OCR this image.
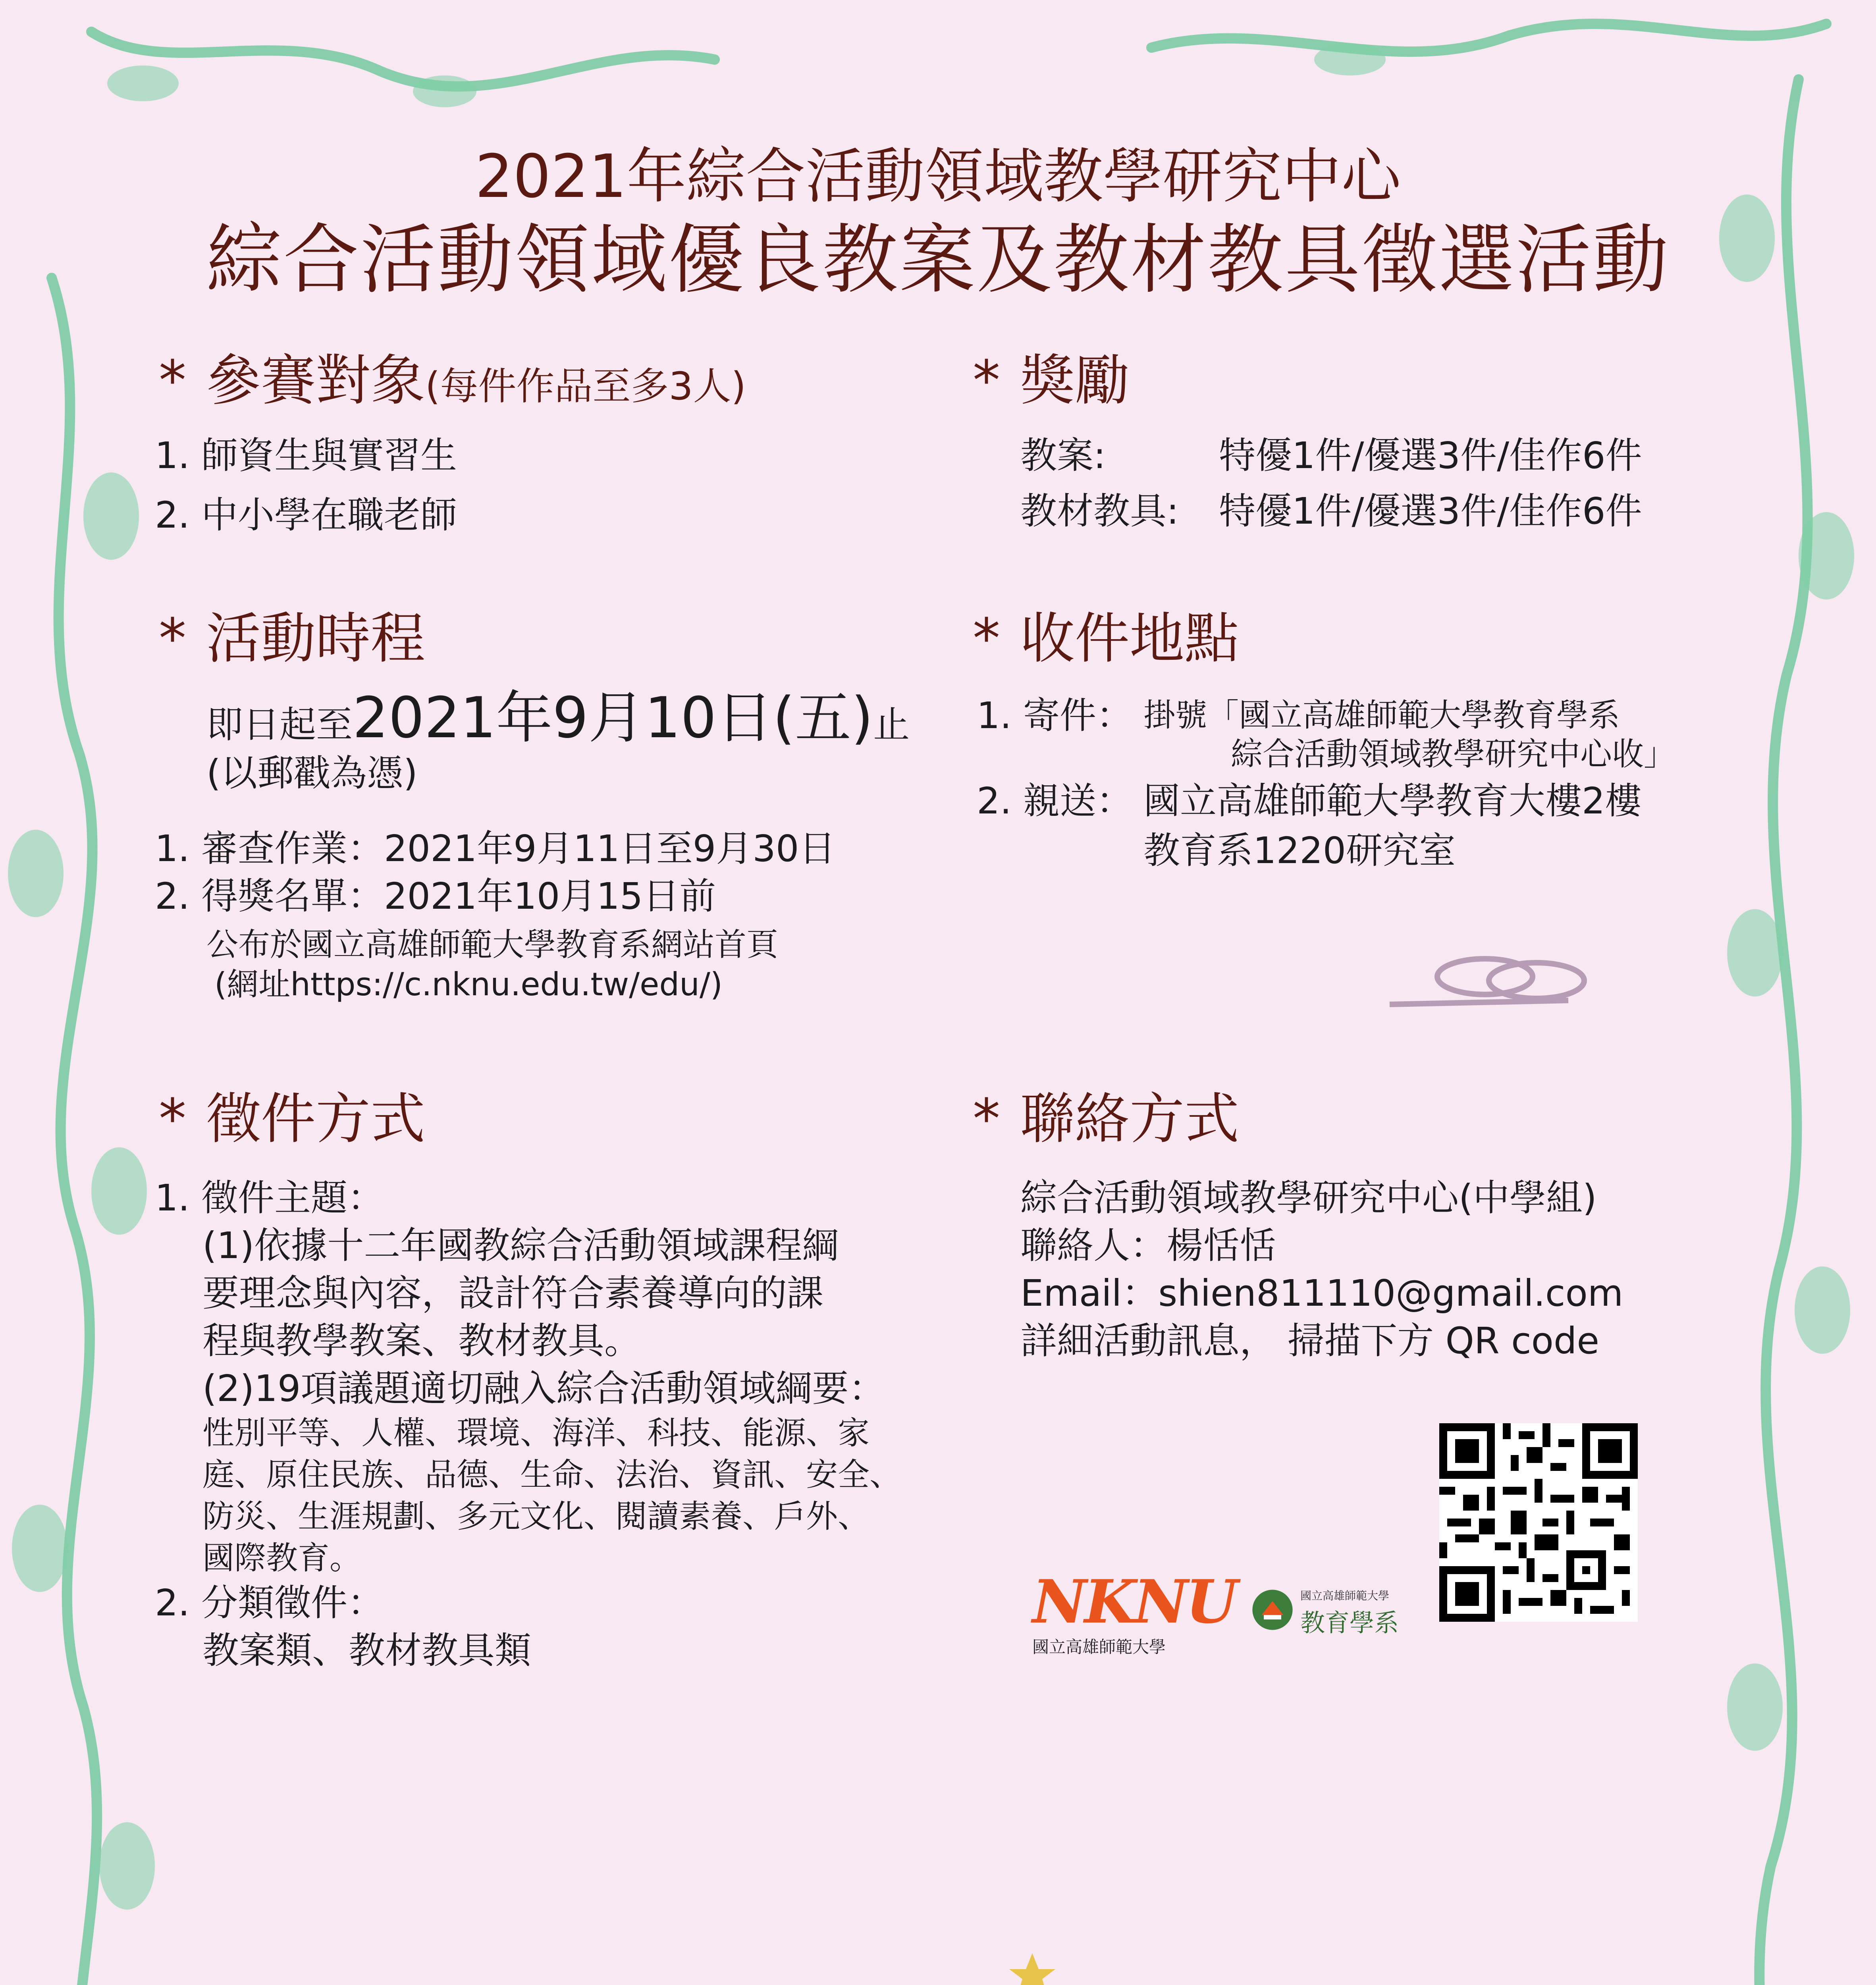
2021年綜合活動領域教學研究中心
綜合活動領域優良教案及教材教具徵選活動
* 參賽對象(每件作品至多3人)
1. 師資生與實習生
2. 中小學在職老師
* 獎勵
教案:	特優1件/優選3件/佳作6件
教材教具: 特優1件/優選3件/佳作6件
* 活動時程
即日起至2021年9月10日(五)止
(以郵戳為憑)
1. 審查作業：2021年9月11日至9月30日
2. 得獎名單：2021年10月15日前
公布於國立高雄師範大學教育系網站首頁
(網址https://c.nknu.edu.tw/edu/)
* 收件地點
1. 寄件： 掛號「國立高雄師範大學教育學系
綜合活動領域教學研究中心收」
2. 親送： 國立高雄師範大學教育大樓2樓
教育系1220研究室
* 徵件方式
1. 徵件主題：
(1)依據十二年國教綜合活動領域課程綱
要理念與內容，設計符合素養導向的課
程與教學教案、教材教具。
(2)19項議題適切融入綜合活動領域綱要：
性別平等、人權、環境、海洋、科技、能源、家
庭、原住民族、品德、生命、法治、資訊、安全、
防災、生涯規劃、多元文化、閱讀素養、戶外、
國際教育。
2. 分類徵件：
教案類、教材教具類
* 聯絡方式
綜合活動領域教學研究中心(中學組)
聯絡人：楊恬恬
Email：shien811110@gmail.com
詳細活動訊息， 掃描下方 QR code
NKNU
國立高雄師範大學
國立高雄師範大學
教育學系
